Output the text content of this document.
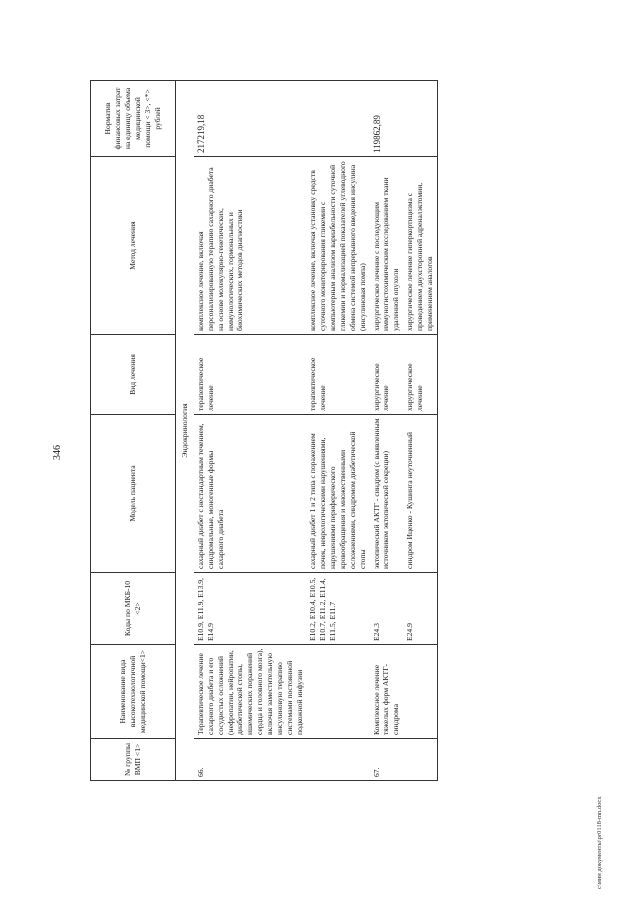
346
№ группы ВМП <1>	Наименование вида высокотехнологичной медицинской помощи<1>	Коды по МКБ-10 <2>	Модель пациента	Вид лечения	Метод лечения	Норматив финансовых затрат на единицу объема медицинской помощи < 3>, <*> рублей
Эндокринология						
66.	Терапевтическое лечение сахарного диабета и его сосудистых осложнений (нефропатии, нейропатии, диабетической стопы, ишемических поражений сердца и головного мозга), включая заместительную инсулиновую терапию системами постоянной подкожной инфузии	E10.9, E11.9, E13.9, E14.9	сахарный диабет с нестандартным течением, синдромальные, моногенные формы сахарного диабета	терапевтическое лечение	комплексное лечение, включая персонализированную терапию сахарного диабета на основе молекулярно-генетических, иммунологических, гормональных и биохимических методов диагностики	217219,18
		E10.2, E10.4, E10.5, E10.7, E11.2, E11.4, E11.5, E11.7	сахарный диабет 1 и 2 типа с поражением почек, неврологическими нарушениями, нарушениями периферического кровообращения и множественными осложнениями, синдромом диабетической стопы	терапевтическое лечение	комплексное лечение, включая установку средств суточного мониторирования гликемии с компьютерным анализом вариабельности суточной гликемии и нормализацией показателей углеводного обмена системой непрерывного введения инсулина (инсулиновая помпа)	
67.	Комплексное лечение тяжелых форм АКТГ-синдрома	E24.3	эктопический АКТГ - синдром (с выявленным источником эктопической секреции)	хирургическое лечение	хирургическое лечение с последующим иммуногистохимическим исследованием ткани удаленной опухоли	119862,89
		E24.9	синдром Иценко - Кушинга неуточненный	хирургическое лечение	хирургическое лечение гиперкортицизма с проведением двухсторонней адреналэктомии, применением аналогов	
с\мин документы\pr0118-mn.docx
